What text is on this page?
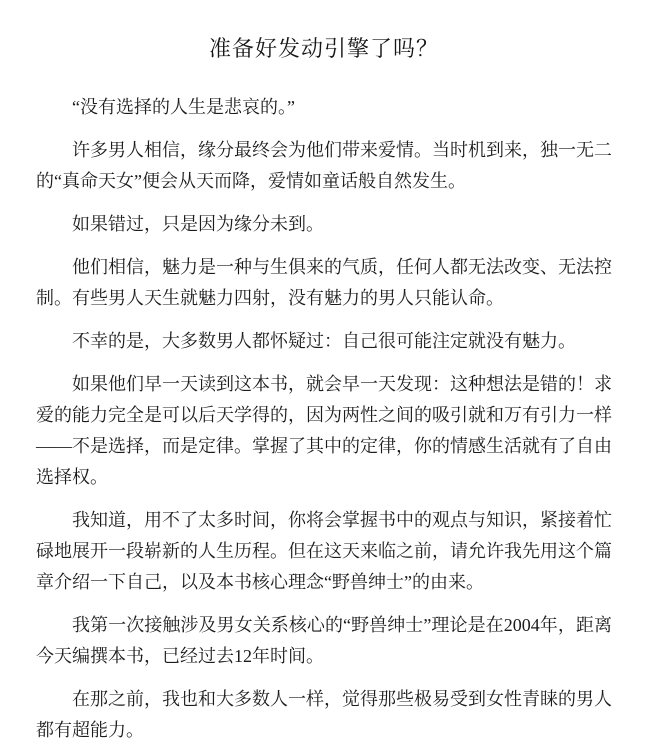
准备好发动引擎了吗？

“没有选择的人生是悲哀的。”

许多男人相信，缘分最终会为他们带来爱情。当时机到来，独一无二的“真命天女”便会从天而降，爱情如童话般自然发生。

如果错过，只是因为缘分未到。

他们相信，魅力是一种与生俱来的气质，任何人都无法改变、无法控制。有些男人天生就魅力四射，没有魅力的男人只能认命。

不幸的是，大多数男人都怀疑过：自己很可能注定就没有魅力。

如果他们早一天读到这本书，就会早一天发现：这种想法是错的！求爱的能力完全是可以后天学得的，因为两性之间的吸引就和万有引力一样——不是选择，而是定律。掌握了其中的定律，你的情感生活就有了自由选择权。

我知道，用不了太多时间，你将会掌握书中的观点与知识，紧接着忙碌地展开一段崭新的人生历程。但在这天来临之前，请允许我先用这个篇章介绍一下自己，以及本书核心理念“野兽绅士”的由来。

我第一次接触涉及男女关系核心的“野兽绅士”理论是在2004年，距离今天编撰本书，已经过去12年时间。

在那之前，我也和大多数人一样，觉得那些极易受到女性青睐的男人都有超能力。
